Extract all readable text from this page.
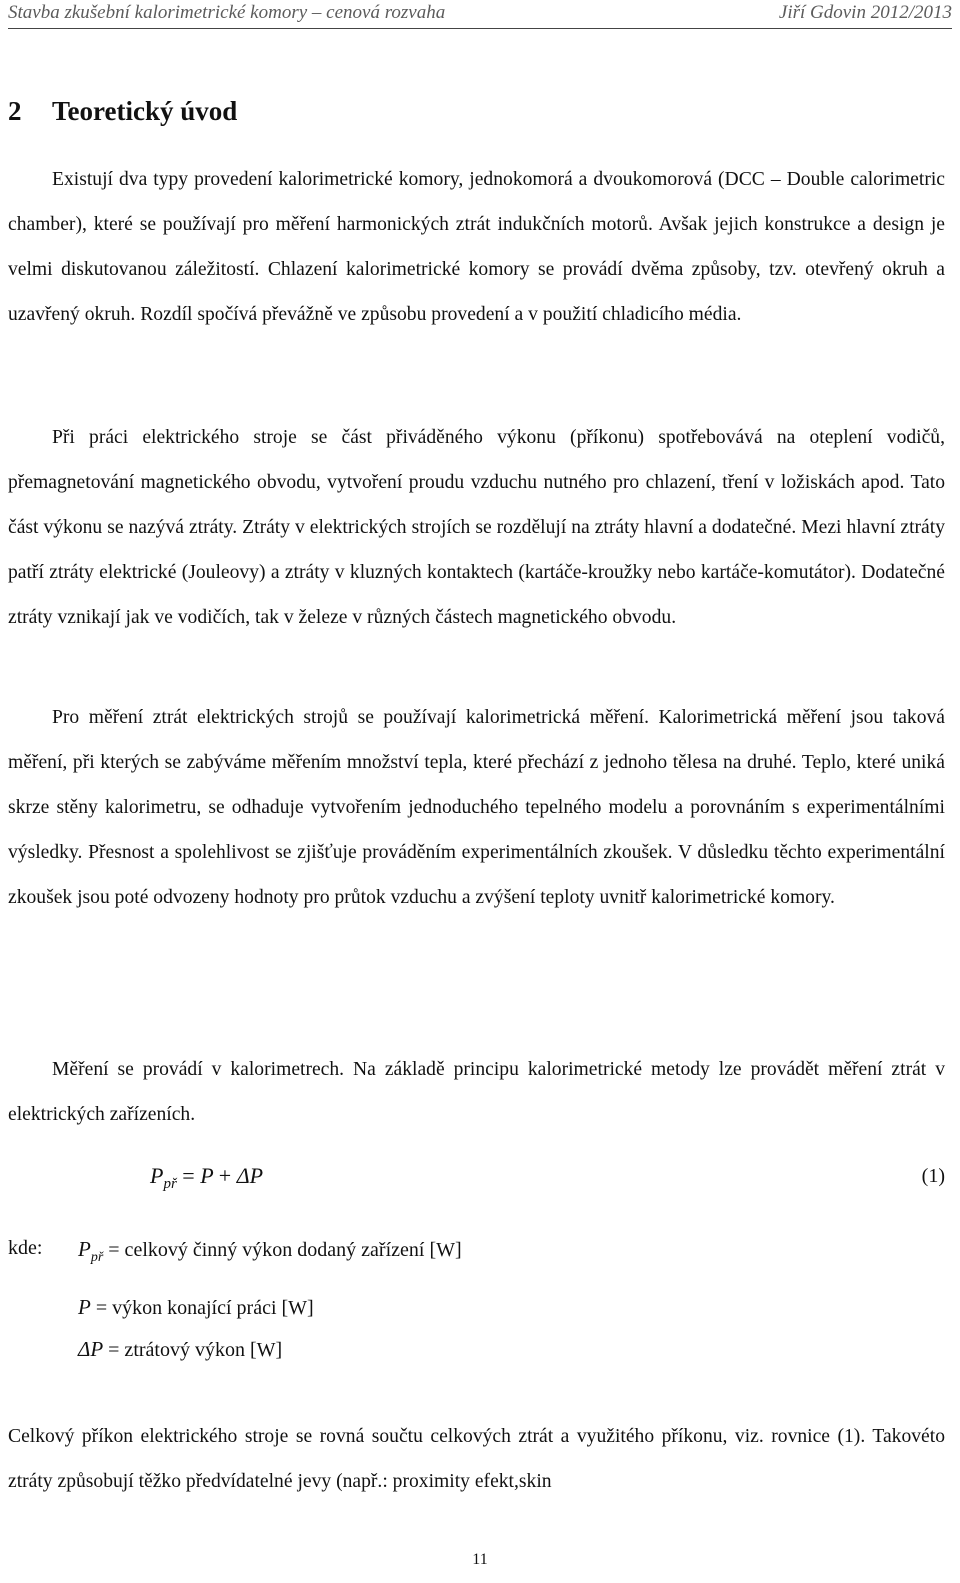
Stavba zkušební kalorimetrické komory – cenová rozvaha	Jiří Gdovin 2012/2013
2 Teoretický úvod

Existují dva typy provedení kalorimetrické komory, jednokomorá a dvoukomorová (DCC – Double calorimetric chamber), které se používají pro měření harmonických ztrát indukčních motorů. Avšak jejich konstrukce a design je velmi diskutovanou záležitostí. Chlazení kalorimetrické komory se provádí dvěma způsoby, tzv. otevřený okruh a uzavřený okruh. Rozdíl spočívá převážně ve způsobu provedení a v použití chladicího média.

Při práci elektrického stroje se část přiváděného výkonu (příkonu) spotřebovává na oteplení vodičů, přemagnetování magnetického obvodu, vytvoření proudu vzduchu nutného pro chlazení, tření v ložiskách apod. Tato část výkonu se nazývá ztráty. Ztráty v elektrických strojích se rozdělují na ztráty hlavní a dodatečné. Mezi hlavní ztráty patří ztráty elektrické (Jouleovy) a ztráty v kluzných kontaktech (kartáče-kroužky nebo kartáče-komutátor). Dodatečné ztráty vznikají jak ve vodičích, tak v železe v různých částech magnetického obvodu.

Pro měření ztrát elektrických strojů se používají kalorimetrická měření. Kalorimetrická měření jsou taková měření, při kterých se zabýváme měřením množství tepla, které přechází z jednoho tělesa na druhé. Teplo, které uniká skrze stěny kalorimetru, se odhaduje vytvořením jednoduchého tepelného modelu a porovnáním s experimentálními výsledky. Přesnost a spolehlivost se zjišťuje prováděním experimentálních zkoušek. V důsledku těchto experimentální zkoušek jsou poté odvozeny hodnoty pro průtok vzduchu a zvýšení teploty uvnitř kalorimetrické komory.

Měření se provádí v kalorimetrech. Na základě principu kalorimetrické metody lze provádět měření ztrát v elektrických zařízeních.

$P_{př} = P + \Delta P$	(1)
kde: $P_{př}$ = celkový činný výkon dodaný zařízení [W]
P = výkon konající práci [W]
ΔP = ztrátový výkon [W]

Celkový příkon elektrického stroje se rovná součtu celkových ztrát a využitého příkonu, viz. rovnice (1). Takovéto ztráty způsobují těžko předvídatelné jevy (např.: proximity efekt,skin

11
